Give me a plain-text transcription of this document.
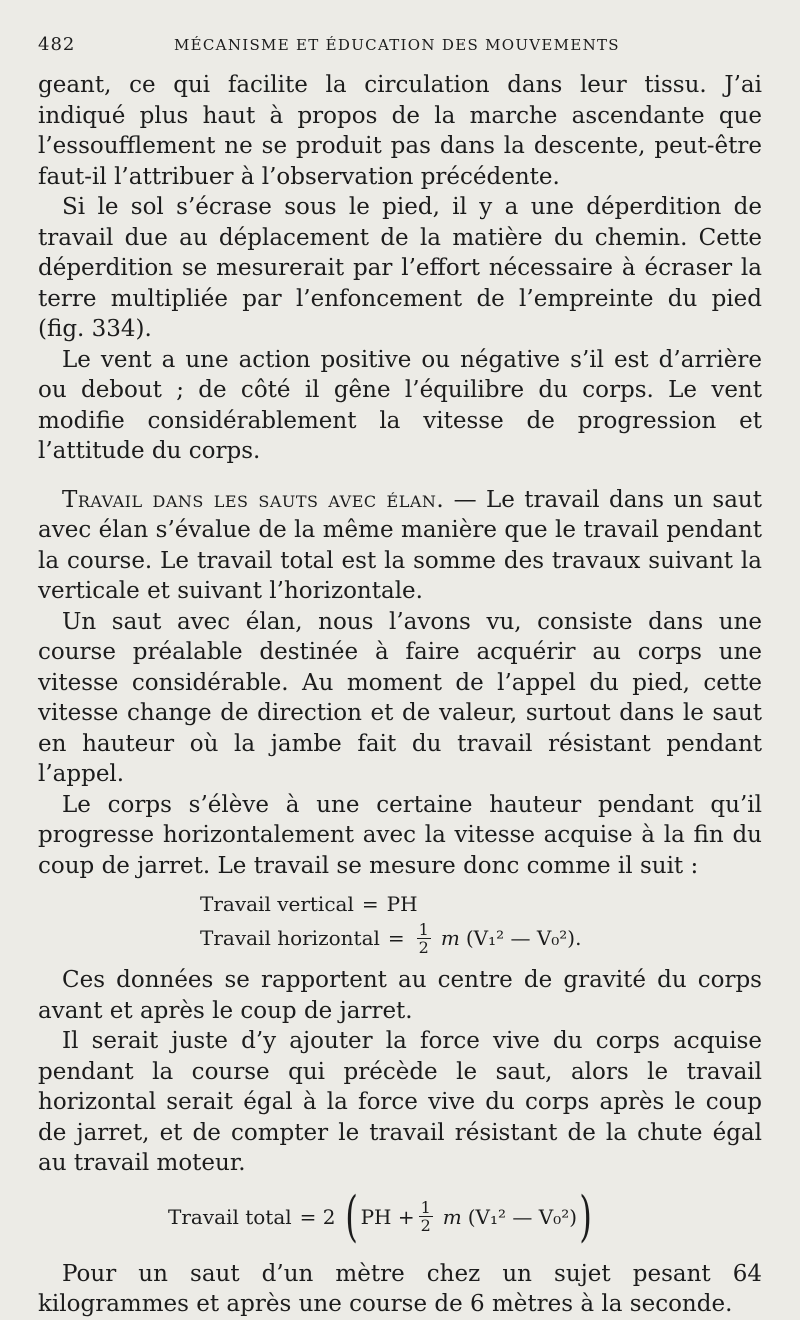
482	MÉCANISME ET ÉDUCATION DES MOUVEMENTS

geant, ce qui facilite la circulation dans leur tissu. J’ai indiqué plus haut à propos de la marche ascendante que l’essoufflement ne se produit pas dans la descente, peut-être faut-il l’attribuer à l’observation précédente.

Si le sol s’écrase sous le pied, il y a une déperdition de travail due au déplacement de la matière du chemin. Cette déperdition se mesurerait par l’effort nécessaire à écraser la terre multipliée par l’enfoncement de l’empreinte du pied (fig. 334).

Le vent a une action positive ou négative s’il est d’arrière ou debout ; de côté il gêne l’équilibre du corps. Le vent modifie considérablement la vitesse de progression et l’attitude du corps.

Travail dans les sauts avec élan. — Le travail dans un saut avec élan s’évalue de la même manière que le travail pendant la course. Le travail total est la somme des travaux suivant la verticale et suivant l’horizontale.

Un saut avec élan, nous l’avons vu, consiste dans une course préalable destinée à faire acquérir au corps une vitesse considérable. Au moment de l’appel du pied, cette vitesse change de direction et de valeur, surtout dans le saut en hauteur où la jambe fait du travail résistant pendant l’appel.

Le corps s’élève à une certaine hauteur pendant qu’il progresse horizontalement avec la vitesse acquise à la fin du coup de jarret. Le travail se mesure donc comme il suit :

Travail vertical = PH
Travail horizontal = $\frac{1}{2}$ m (V₁² — V₀²).

Ces données se rapportent au centre de gravité du corps avant et après le coup de jarret.

Il serait juste d’y ajouter la force vive du corps acquise pendant la course qui précède le saut, alors le travail horizontal serait égal à la force vive du corps après le coup de jarret, et de compter le travail résistant de la chute égal au travail moteur.

Travail total = 2 ( PH + $\frac{1}{2}$ m (V₁² — V₀²) )

Pour un saut d’un mètre chez un sujet pesant 64 kilogrammes et après une course de 6 mètres à la seconde.
